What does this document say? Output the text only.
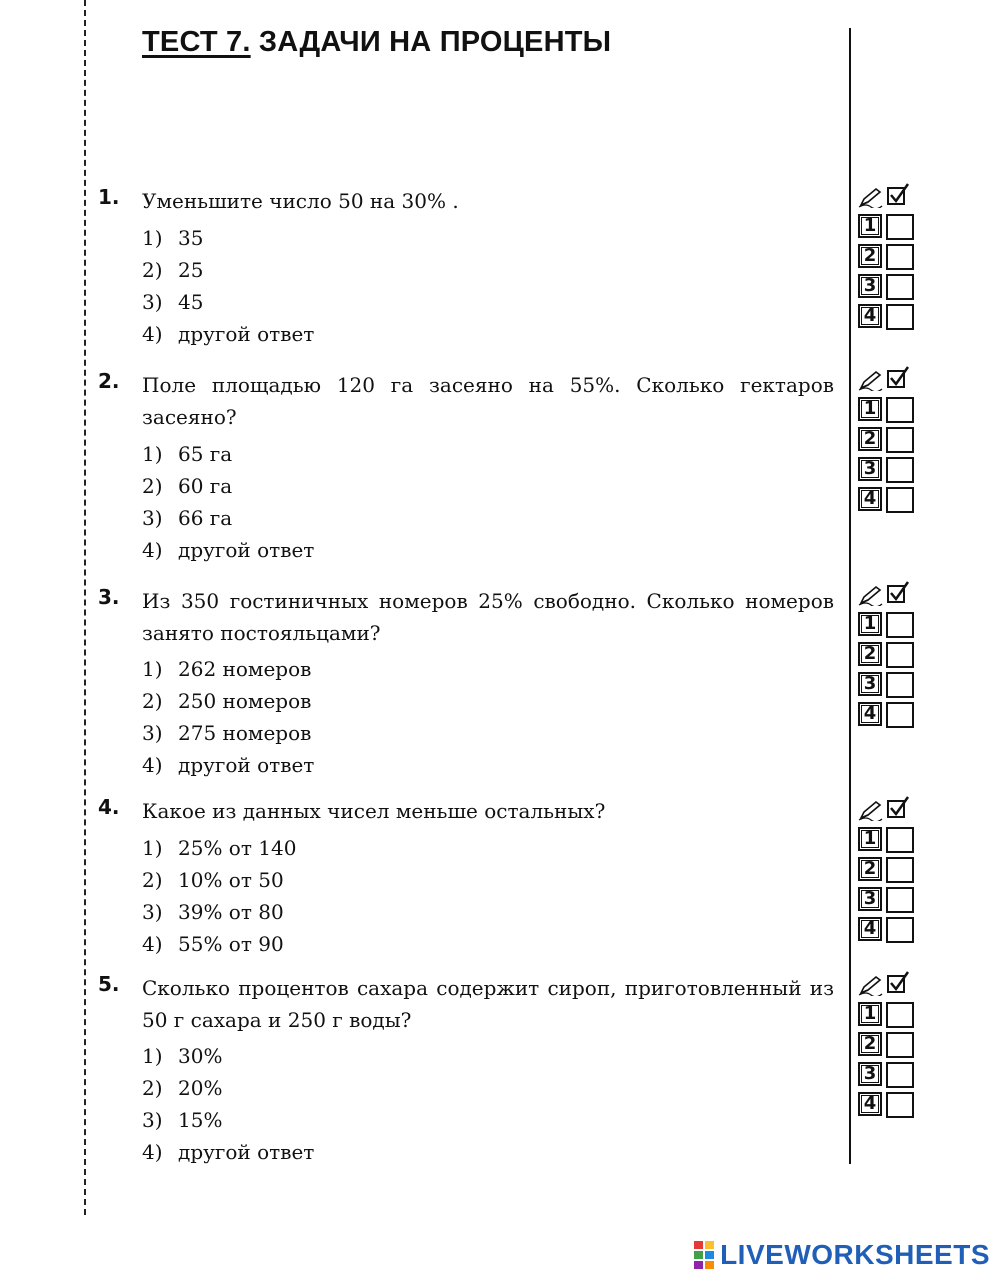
ТЕСТ 7. ЗАДАЧИ НА ПРОЦЕНТЫ
1. Уменьшите число 50 на 30% .
1) 35
2) 25
3) 45
4) другой ответ
1
2
3
4
2. Поле площадью 120 га засеяно на 55%. Сколько гектаров засеяно?
1) 65 га
2) 60 га
3) 66 га
4) другой ответ
1
2
3
4
3. Из 350 гостиничных номеров 25% свободно. Сколько номеров занято постояльцами?
1) 262 номеров
2) 250 номеров
3) 275 номеров
4) другой ответ
1
2
3
4
4. Какое из данных чисел меньше остальных?
1) 25% от 140
2) 10% от 50
3) 39% от 80
4) 55% от 90
1
2
3
4
5. Сколько процентов сахара содержит сироп, приготовленный из 50 г сахара и 250 г воды?
1) 30%
2) 20%
3) 15%
4) другой ответ
1
2
3
4
LIVEWORKSHEETS
